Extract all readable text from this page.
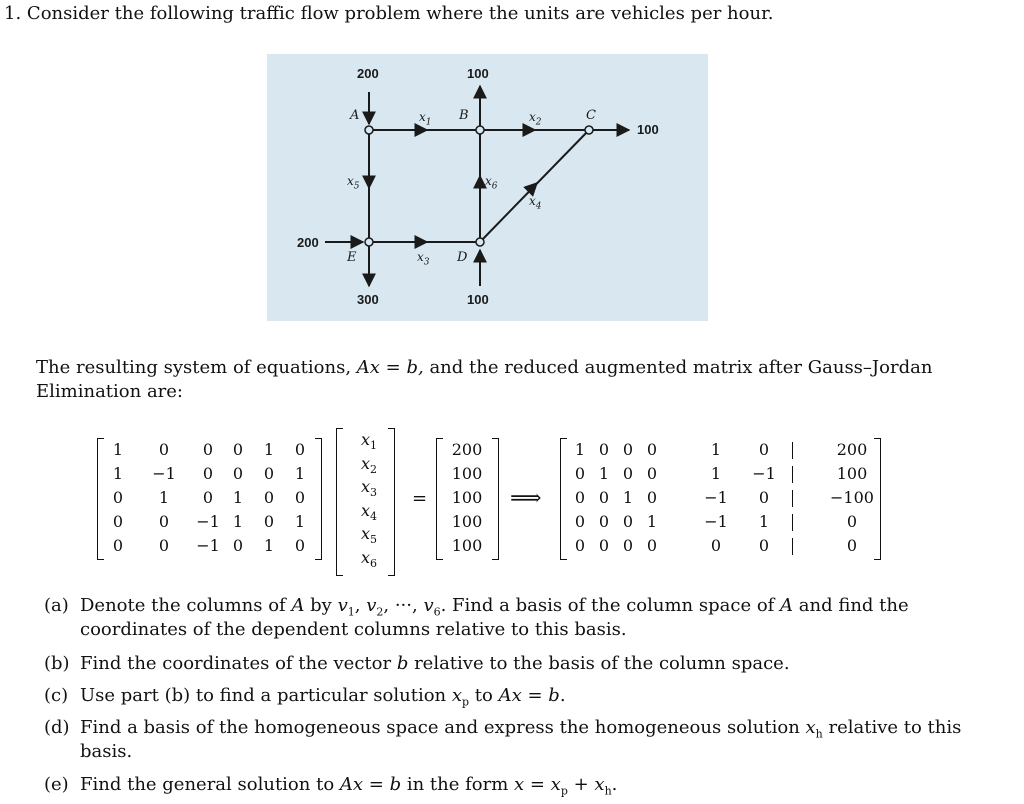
1. Consider the following traffic flow problem where the units are vehicles per hour.
200	100
100
200
300	100
A	B	C
D
E
$x_1$	$x_2$
$x_3$
$x_4$
$x_5$	$x_6$
The resulting system of equations, Ax = b, and the reduced augmented matrix after Gauss–Jordan
Elimination are:
=	⟹
1	0	0	0	1	0
1	−1	0	0	0	1
0	1	0	1	0	0
0	0	−1 1	0	1
0	0	−1 0	1	0
$x_1$
$x_2$
$x_3$
$x_4$
$x_5$
$x_6$
200
100
100
100
100
1 0 0 0	1	0	200
0 1 0 0	1	−1	100
0 0 1 0	−1	0	−100
0 0 0 1	−1	1	0
0 0 0 0	0	0	0
(a) Denote the columns of A by $v_1$, $v_2$, ···, $v_6$. Find a basis of the column space of A and find the
coordinates of the dependent columns relative to this basis.
(b) Find the coordinates of the vector b relative to the basis of the column space.
(c) Use part (b) to find a particular solution $x_p$ to Ax = b.
(d) Find a basis of the homogeneous space and express the homogeneous solution $x_h$ relative to this
basis.
(e) Find the general solution to Ax = b in the form $x = x_p + x_h$.
